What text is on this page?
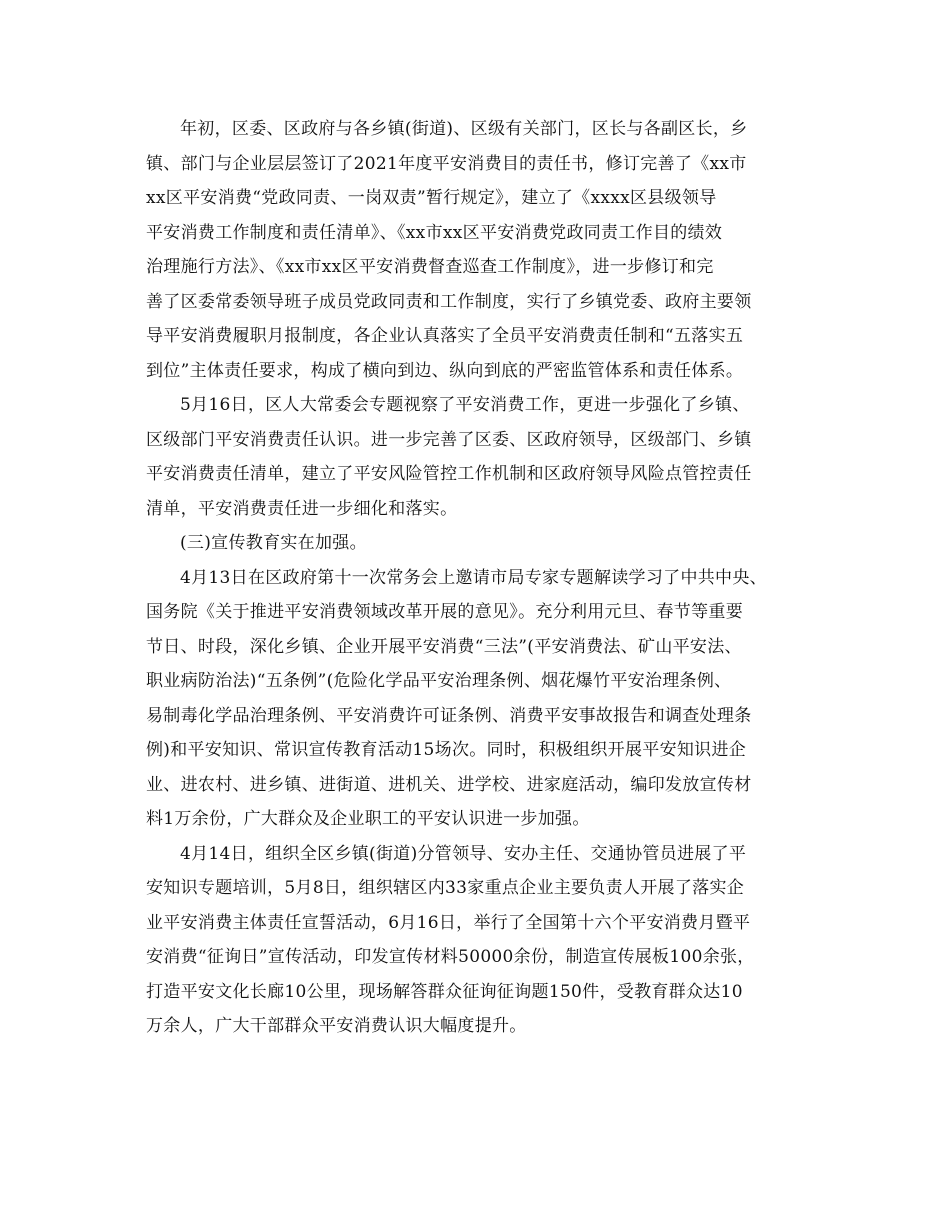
年初，区委、区政府与各乡镇(街道)、区级有关部门，区长与各副区长，乡
镇、部门与企业层层签订了2021年度平安消费目的责任书，修订完善了《xx市
xx区平安消费“党政同责、一岗双责”暂行规定》，建立了《xxxx区县级领导
平安消费工作制度和责任清单》、《xx市xx区平安消费党政同责工作目的绩效
治理施行方法》、《xx市xx区平安消费督查巡查工作制度》，进一步修订和完
善了区委常委领导班子成员党政同责和工作制度，实行了乡镇党委、政府主要领
导平安消费履职月报制度，各企业认真落实了全员平安消费责任制和“五落实五
到位”主体责任要求，构成了横向到边、纵向到底的严密监管体系和责任体系。
5月16日，区人大常委会专题视察了平安消费工作，更进一步强化了乡镇、
区级部门平安消费责任认识。进一步完善了区委、区政府领导，区级部门、乡镇
平安消费责任清单，建立了平安风险管控工作机制和区政府领导风险点管控责任
清单，平安消费责任进一步细化和落实。
(三)宣传教育实在加强。
4月13日在区政府第十一次常务会上邀请市局专家专题解读学习了中共中央、
国务院《关于推进平安消费领域改革开展的意见》。充分利用元旦、春节等重要
节日、时段，深化乡镇、企业开展平安消费“三法”(平安消费法、矿山平安法、
职业病防治法)“五条例”(危险化学品平安治理条例、烟花爆竹平安治理条例、
易制毒化学品治理条例、平安消费许可证条例、消费平安事故报告和调查处理条
例)和平安知识、常识宣传教育活动15场次。同时，积极组织开展平安知识进企
业、进农村、进乡镇、进街道、进机关、进学校、进家庭活动，编印发放宣传材
料1万余份，广大群众及企业职工的平安认识进一步加强。
4月14日，组织全区乡镇(街道)分管领导、安办主任、交通协管员进展了平
安知识专题培训，5月8日，组织辖区内33家重点企业主要负责人开展了落实企
业平安消费主体责任宣誓活动，6月16日，举行了全国第十六个平安消费月暨平
安消费“征询日”宣传活动，印发宣传材料50000余份，制造宣传展板100余张，
打造平安文化长廊10公里，现场解答群众征询征询题150件，受教育群众达10
万余人，广大干部群众平安消费认识大幅度提升。
